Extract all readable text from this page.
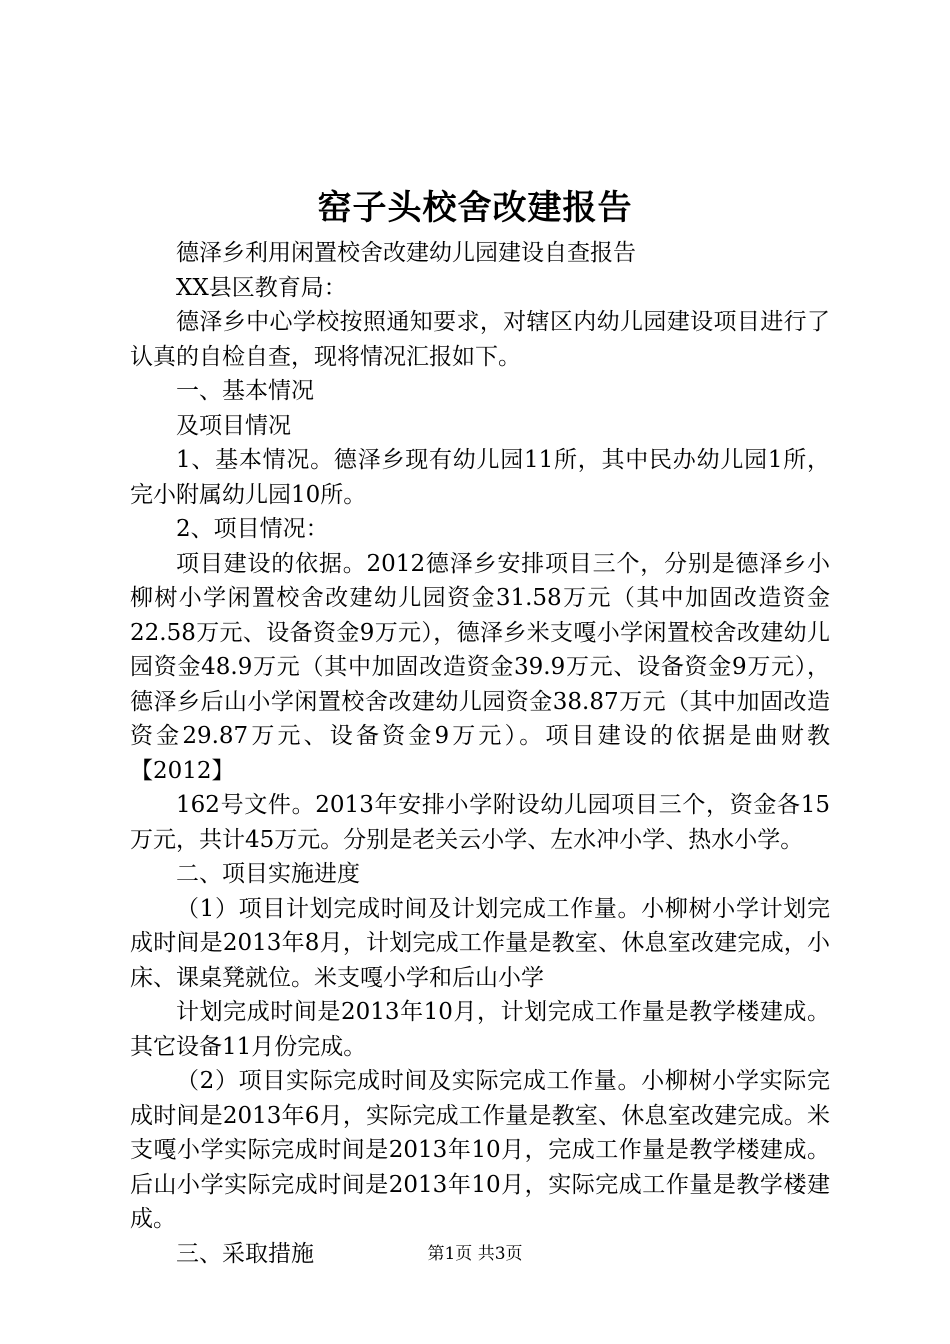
窑子头校舍改建报告

德泽乡利用闲置校舍改建幼儿园建设自查报告

XX县区教育局：

德泽乡中心学校按照通知要求，对辖区内幼儿园建设项目进行了认真的自检自查，现将情况汇报如下。

一、基本情况

及项目情况

1、基本情况。德泽乡现有幼儿园11所，其中民办幼儿园1所，完小附属幼儿园10所。

2、项目情况：

项目建设的依据。2012德泽乡安排项目三个，分别是德泽乡小柳树小学闲置校舍改建幼儿园资金31.58万元（其中加固改造资金22.58万元、设备资金9万元），德泽乡米支嘎小学闲置校舍改建幼儿园资金48.9万元（其中加固改造资金39.9万元、设备资金9万元），德泽乡后山小学闲置校舍改建幼儿园资金38.87万元（其中加固改造资金29.87万元、设备资金9万元）。项目建设的依据是曲财教【2012】

162号文件。2013年安排小学附设幼儿园项目三个，资金各15万元，共计45万元。分别是老关云小学、左水冲小学、热水小学。

二、项目实施进度

（1）项目计划完成时间及计划完成工作量。小柳树小学计划完成时间是2013年8月，计划完成工作量是教室、休息室改建完成，小床、课桌凳就位。米支嘎小学和后山小学

计划完成时间是2013年10月，计划完成工作量是教学楼建成。其它设备11月份完成。

（2）项目实际完成时间及实际完成工作量。小柳树小学实际完成时间是2013年6月，实际完成工作量是教室、休息室改建完成。米支嘎小学实际完成时间是2013年10月，完成工作量是教学楼建成。后山小学实际完成时间是2013年10月，实际完成工作量是教学楼建成。

三、采取措施	第1页 共3页
